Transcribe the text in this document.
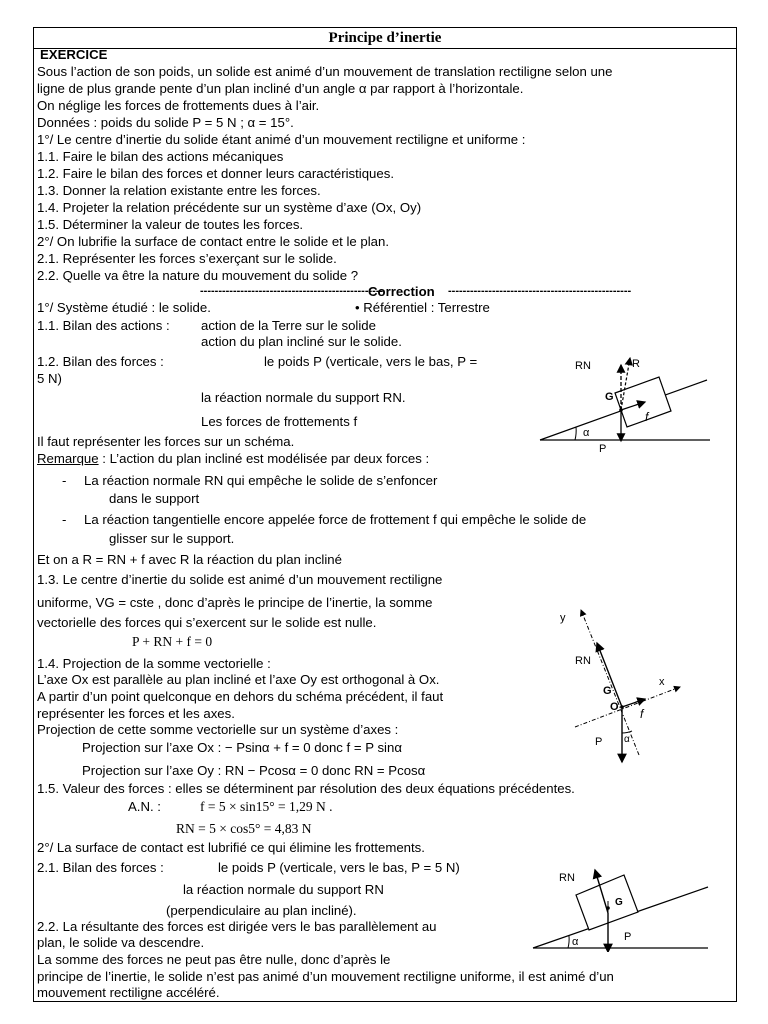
Principe d’inertie
EXERCICE
Sous l’action de son poids, un solide est animé d’un mouvement de translation rectiligne selon une
ligne de plus grande pente d’un plan incliné d’un angle α par rapport à l’horizontale.
On néglige les forces de frottements dues à l’air.
Données : poids du solide P = 5 N ; α = 15°.
1°/ Le centre d’inertie du solide étant animé d’un mouvement rectiligne et uniforme :
1.1. Faire le bilan des actions mécaniques
1.2. Faire le bilan des forces et donner leurs caractéristiques.
1.3. Donner la relation existante entre les forces.
1.4. Projeter la relation précédente sur un système d’axe (Ox, Oy)
1.5. Déterminer la valeur de toutes les forces.
2°/ On lubrifie la surface de contact entre le solide et le plan.
2.1. Représenter les forces s’exerçant sur le solide.
2.2. Quelle va être la nature du mouvement du solide ?
--------------------------------------------------
Correction --------------------------------------------------
1°/ Système étudié : le solide.	• Référentiel : Terrestre
1.1. Bilan des actions : action de la Terre sur le solide
action du plan incliné sur le solide.
1.2. Bilan des forces :	le poids P (verticale, vers le bas, P =
5 N)
la réaction normale du support RN.
Les forces de frottements f
Il faut représenter les forces sur un schéma.
Remarque : L’action du plan incliné est modélisée par deux forces :
- La réaction normale RN qui empêche le solide de s’enfoncer
dans le support
- La réaction tangentielle encore appelée force de frottement f qui empêche le solide de
glisser sur le support.
Et on a R = RN + f avec R la réaction du plan incliné
1.3. Le centre d’inertie du solide est animé d’un mouvement rectiligne
uniforme, VG = cste , donc d’après le principe de l’inertie, la somme
vectorielle des forces qui s’exercent sur le solide est nulle.
P + RN + f = 0
1.4. Projection de la somme vectorielle :
L’axe Ox est parallèle au plan incliné et l’axe Oy est orthogonal à Ox.
A partir d’un point quelconque en dehors du schéma précédent, il faut
représenter les forces et les axes.
Projection de cette somme vectorielle sur un système d’axes :
Projection sur l’axe Ox : − Psinα + f = 0 donc f = P sinα
Projection sur l’axe Oy : RN − Pcosα = 0 donc RN = Pcosα
1.5. Valeur des forces : elles se déterminent par résolution des deux équations précédentes.
A.N. :	f = 5 × sin15° = 1,29 N .
RN = 5 × cos5° = 4,83 N
2°/ La surface de contact est lubrifié ce qui élimine les frottements.
2.1. Bilan des forces :	le poids P (verticale, vers le bas, P = 5 N)
la réaction normale du support RN
(perpendiculaire au plan incliné).
2.2. La résultante des forces est dirigée vers le bas parallèlement au
plan, le solide va descendre.
La somme des forces ne peut pas être nulle, donc d’après le
principe de l’inertie, le solide n’est pas animé d’un mouvement rectiligne uniforme, il est animé d’un
mouvement rectiligne accéléré.
RN	R
G
f
α
P
y
x
RN
G
O
P
f
α
RN
G
P
α
